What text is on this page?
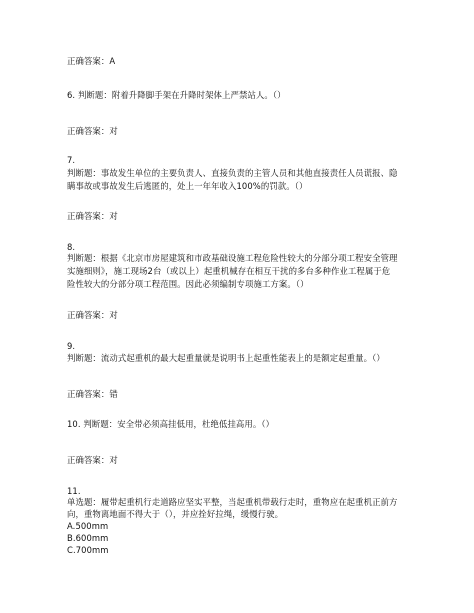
正确答案：A
6. 判断题：附着升降脚手架在升降时架体上严禁站人。（）
正确答案：对
7.
判断题：事故发生单位的主要负责人、直接负责的主管人员和其他直接责任人员谎报、隐
瞒事故或事故发生后逃匿的，处上一年年收入100%的罚款。（）
正确答案：对
8.
判断题：根据《北京市房屋建筑和市政基础设施工程危险性较大的分部分项工程安全管理
实施细则》，施工现场2台（或以上）起重机械存在相互干扰的多台多种作业工程属于危
险性较大的分部分项工程范围。因此必须编制专项施工方案。（）
正确答案：对
9.
判断题：流动式起重机的最大起重量就是说明书上起重性能表上的是额定起重量。（）
正确答案：错
10. 判断题：安全带必须高挂低用，杜绝低挂高用。（）
正确答案：对
11.
单选题：履带起重机行走道路应坚实平整，当起重机带载行走时，重物应在起重机正前方
向，重物离地面不得大于（），并应拴好拉绳，缓慢行驶。
A.500mm
B.600mm
C.700mm
